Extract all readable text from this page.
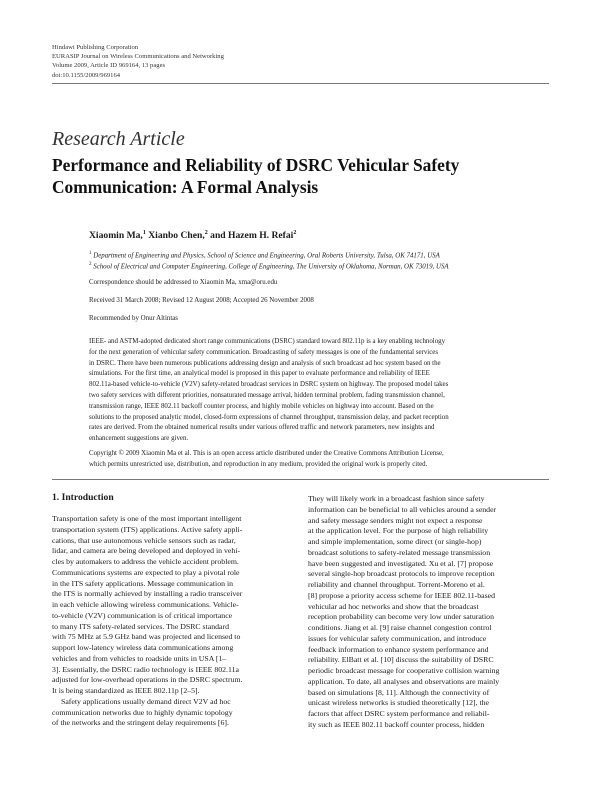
Hindawi Publishing Corporation
EURASIP Journal on Wireless Communications and Networking
Volume 2009, Article ID 969164, 13 pages
doi:10.1155/2009/969164
Research Article
Performance and Reliability of DSRC Vehicular Safety
Communication: A Formal Analysis
Xiaomin Ma,$^1$ Xianbo Chen,$^2$ and Hazem H. Refai$^2$
$^1$ Department of Engineering and Physics, School of Science and Engineering, Oral Roberts University, Tulsa, OK 74171, USA
$^2$ School of Electrical and Computer Engineering, College of Engineering, The University of Oklahoma, Norman, OK 73019, USA
Correspondence should be addressed to Xiaomin Ma, xma@oru.edu
Received 31 March 2008; Revised 12 August 2008; Accepted 26 November 2008
Recommended by Onur Altintas
IEEE- and ASTM-adopted dedicated short range communications (DSRC) standard toward 802.11p is a key enabling technology
for the next generation of vehicular safety communication. Broadcasting of safety messages is one of the fundamental services
in DSRC. There have been numerous publications addressing design and analysis of such broadcast ad hoc system based on the
simulations. For the first time, an analytical model is proposed in this paper to evaluate performance and reliability of IEEE
802.11a-based vehicle-to-vehicle (V2V) safety-related broadcast services in DSRC system on highway. The proposed model takes
two safety services with different priorities, nonsaturated message arrival, hidden terminal problem, fading transmission channel,
transmission range, IEEE 802.11 backoff counter process, and highly mobile vehicles on highway into account. Based on the
solutions to the proposed analytic model, closed-form expressions of channel throughput, transmission delay, and packet reception
rates are derived. From the obtained numerical results under various offered traffic and network parameters, new insights and
enhancement suggestions are given.
Copyright © 2009 Xiaomin Ma et al. This is an open access article distributed under the Creative Commons Attribution License,
which permits unrestricted use, distribution, and reproduction in any medium, provided the original work is properly cited.
1. Introduction
Transportation safety is one of the most important intelligent
transportation system (ITS) applications. Active safety appli-
cations, that use autonomous vehicle sensors such as radar,
lidar, and camera are being developed and deployed in vehi-
cles by automakers to address the vehicle accident problem.
Communications systems are expected to play a pivotal role
in the ITS safety applications. Message communication in
the ITS is normally achieved by installing a radio transceiver
in each vehicle allowing wireless communications. Vehicle-
to-vehicle (V2V) communication is of critical importance
to many ITS safety-related services. The DSRC standard
with 75 MHz at 5.9 GHz band was projected and licensed to
support low-latency wireless data communications among
vehicles and from vehicles to roadside units in USA [1–
3]. Essentially, the DSRC radio technology is IEEE 802.11a
adjusted for low-overhead operations in the DSRC spectrum.
It is being standardized as IEEE 802.11p [2–5].
Safety applications usually demand direct V2V ad hoc
communication networks due to highly dynamic topology
of the networks and the stringent delay requirements [6].
They will likely work in a broadcast fashion since safety
information can be beneficial to all vehicles around a sender
and safety message senders might not expect a response
at the application level. For the purpose of high reliability
and simple implementation, some direct (or single-hop)
broadcast solutions to safety-related message transmission
have been suggested and investigated. Xu et al. [7] propose
several single-hop broadcast protocols to improve reception
reliability and channel throughput. Torrent-Moreno et al.
[8] propose a priority access scheme for IEEE 802.11-based
vehicular ad hoc networks and show that the broadcast
reception probability can become very low under saturation
conditions. Jiang et al. [9] raise channel congestion control
issues for vehicular safety communication, and introduce
feedback information to enhance system performance and
reliability. ElBatt et al. [10] discuss the suitability of DSRC
periodic broadcast message for cooperative collision warning
application. To date, all analyses and observations are mainly
based on simulations [8, 11]. Although the connectivity of
unicast wireless networks is studied theoretically [12], the
factors that affect DSRC system performance and reliabil-
ity such as IEEE 802.11 backoff counter process, hidden
